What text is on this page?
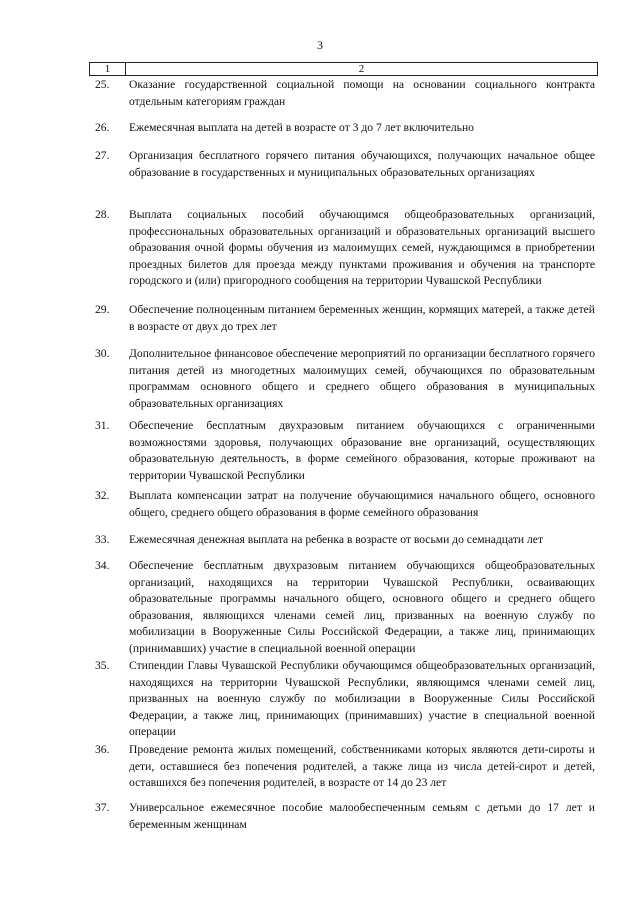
3
1	2
25.	Оказание государственной социальной помощи на основании социального контракта отдельным категориям граждан
26.	Ежемесячная выплата на детей в возрасте от 3 до 7 лет включительно
27.	Организация бесплатного горячего питания обучающихся, получающих начальное общее образование в государственных и муниципальных образовательных организациях
28.	Выплата социальных пособий обучающимся общеобразовательных организаций, профессиональных образовательных организаций и образовательных организаций высшего образования очной формы обучения из малоимущих семей, нуждающимся в приобретении проездных билетов для проезда между пунктами проживания и обучения на транспорте городского и (или) пригородного сообщения на территории Чувашской Республики
29.	Обеспечение полноценным питанием беременных женщин, кормящих матерей, а также детей в возрасте от двух до трех лет
30.	Дополнительное финансовое обеспечение мероприятий по организации бесплатного горячего питания детей из многодетных малоимущих семей, обучающихся по образовательным программам основного общего и среднего общего образования в муниципальных образовательных организациях
31.	Обеспечение бесплатным двухразовым питанием обучающихся с ограниченными возможностями здоровья, получающих образование вне организаций, осуществляющих образовательную деятельность, в форме семейного образования, которые проживают на территории Чувашской Республики
32.	Выплата компенсации затрат на получение обучающимися начального общего, основного общего, среднего общего образования в форме семейного образования
33.	Ежемесячная денежная выплата на ребенка в возрасте от восьми до семнадцати лет
34.	Обеспечение бесплатным двухразовым питанием обучающихся общеобразовательных организаций, находящихся на территории Чувашской Республики, осваивающих образовательные программы начального общего, основного общего и среднего общего образования, являющихся членами семей лиц, призванных на военную службу по мобилизации в Вооруженные Силы Российской Федерации, а также лиц, принимающих (принимавших) участие в специальной военной операции
35.	Стипендии Главы Чувашской Республики обучающимся общеобразовательных организаций, находящихся на территории Чувашской Республики, являющимся членами семей лиц, призванных на военную службу по мобилизации в Вооруженные Силы Российской Федерации, а также лиц, принимающих (принимавших) участие в специальной военной операции
36.	Проведение ремонта жилых помещений, собственниками которых являются дети-сироты и дети, оставшиеся без попечения родителей, а также лица из числа детей-сирот и детей, оставшихся без попечения родителей, в возрасте от 14 до 23 лет
37.	Универсальное ежемесячное пособие малообеспеченным семьям с детьми до 17 лет и беременным женщинам
